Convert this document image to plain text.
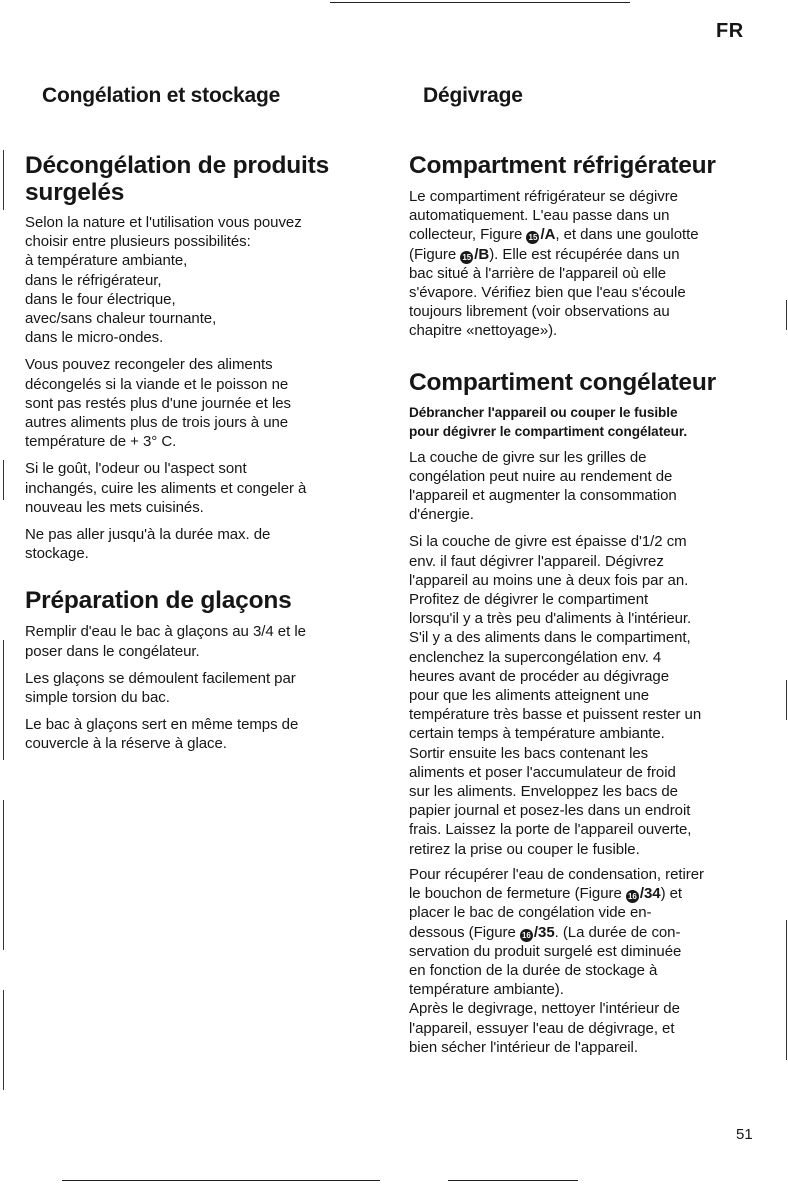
FR
Congélation et stockage
Décongélation de produits
surgelés

Selon la nature et l'utilisation vous pouvez
choisir entre plusieurs possibilités:
à température ambiante,
dans le réfrigérateur,
dans le four électrique,
avec/sans chaleur tournante,
dans le micro-ondes.

Vous pouvez recongeler des aliments
décongelés si la viande et le poisson ne
sont pas restés plus d'une journée et les
autres aliments plus de trois jours à une
température de + 3° C.

Si le goût, l'odeur ou l'aspect sont
inchangés, cuire les aliments et congeler à
nouveau les mets cuisinés.

Ne pas aller jusqu'à la durée max. de
stockage.

Préparation de glaçons

Remplir d'eau le bac à glaçons au 3/4 et le
poser dans le congélateur.

Les glaçons se démoulent facilement par
simple torsion du bac.

Le bac à glaçons sert en même temps de
couvercle à la réserve à glace.

Dégivrage
Compartment réfrigérateur

Le compartiment réfrigérateur se dégivre
automatiquement. L'eau passe dans un
collecteur, Figure 15 /A, et dans une goulotte
(Figure 15 /B). Elle est récupérée dans un
bac situé à l'arrière de l'appareil où elle
s'évapore. Vérifiez bien que l'eau s'écoule
toujours librement (voir observations au
chapitre «nettoyage»).

Compartiment congélateur

Débrancher l'appareil ou couper le fusible
pour dégivrer le compartiment congélateur.

La couche de givre sur les grilles de
congélation peut nuire au rendement de
l'appareil et augmenter la consommation
d'énergie.

Si la couche de givre est épaisse d'1/2 cm
env. il faut dégivrer l'appareil. Dégivrez
l'appareil au moins une à deux fois par an.
Profitez de dégivrer le compartiment
lorsqu'il y a très peu d'aliments à l'intérieur.
S'il y a des aliments dans le compartiment,
enclenchez la supercongélation env. 4
heures avant de procéder au dégivrage
pour que les aliments atteignent une
température très basse et puissent rester un
certain temps à température ambiante.
Sortir ensuite les bacs contenant les
aliments et poser l'accumulateur de froid
sur les aliments. Enveloppez les bacs de
papier journal et posez-les dans un endroit
frais. Laissez la porte de l'appareil ouverte,
retirez la prise ou couper le fusible.

Pour récupérer l'eau de condensation, retirer
le bouchon de fermeture (Figure 16 /34) et
placer le bac de congélation vide en-
dessous (Figure 16 /35. (La durée de con-
servation du produit surgelé est diminuée
en fonction de la durée de stockage à
température ambiante).
Après le degivrage, nettoyer l'intérieur de
l'appareil, essuyer l'eau de dégivrage, et
bien sécher l'intérieur de l'appareil.

51
